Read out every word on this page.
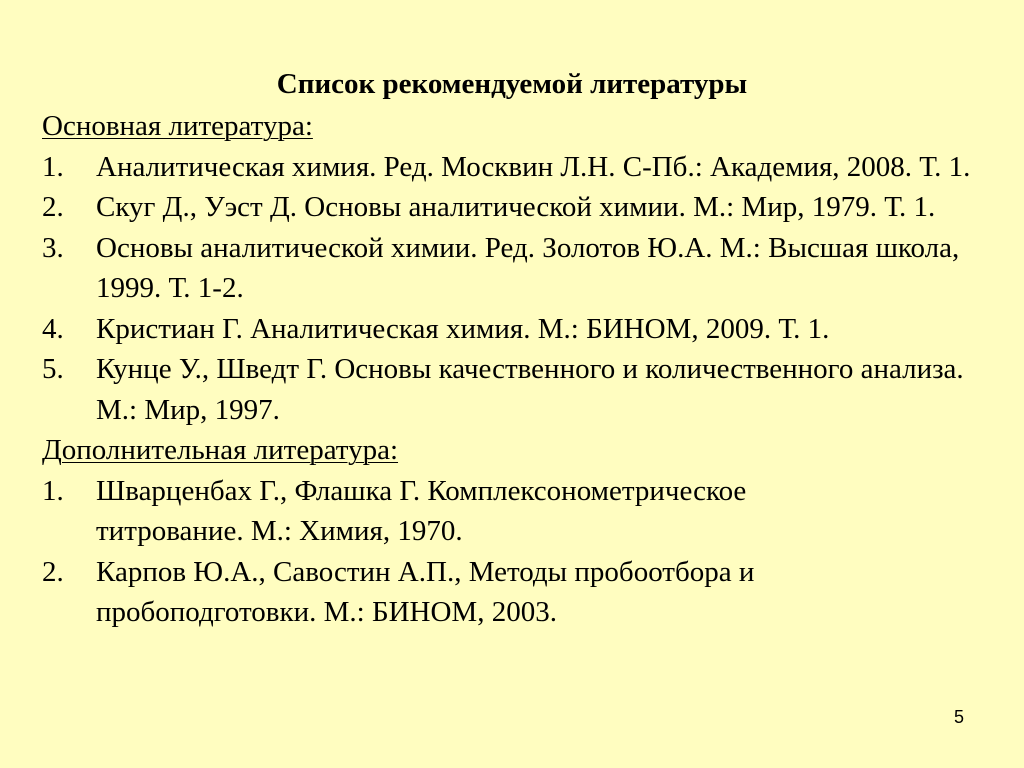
Список рекомендуемой литературы
Основная литература:
1.	Аналитическая химия. Ред. Москвин Л.Н. С-Пб.: Академия, 2008. Т. 1.
2.	Скуг Д., Уэст Д. Основы аналитической химии. М.: Мир, 1979. Т. 1.
3.	Основы аналитической химии. Ред. Золотов Ю.А. М.: Высшая школа, 1999. Т. 1-2.
4.	Кристиан Г. Аналитическая химия. М.: БИНОМ, 2009. Т. 1.
5.	Кунце У., Шведт Г. Основы качественного и количественного анализа. М.: Мир, 1997.
Дополнительная литература:
1.	Шварценбах Г., Флашка Г. Комплексонометрическое титрование. М.: Химия, 1970.
2.	Карпов Ю.А., Савостин А.П., Методы пробоотбора и пробоподготовки. М.: БИНОМ, 2003.
5
